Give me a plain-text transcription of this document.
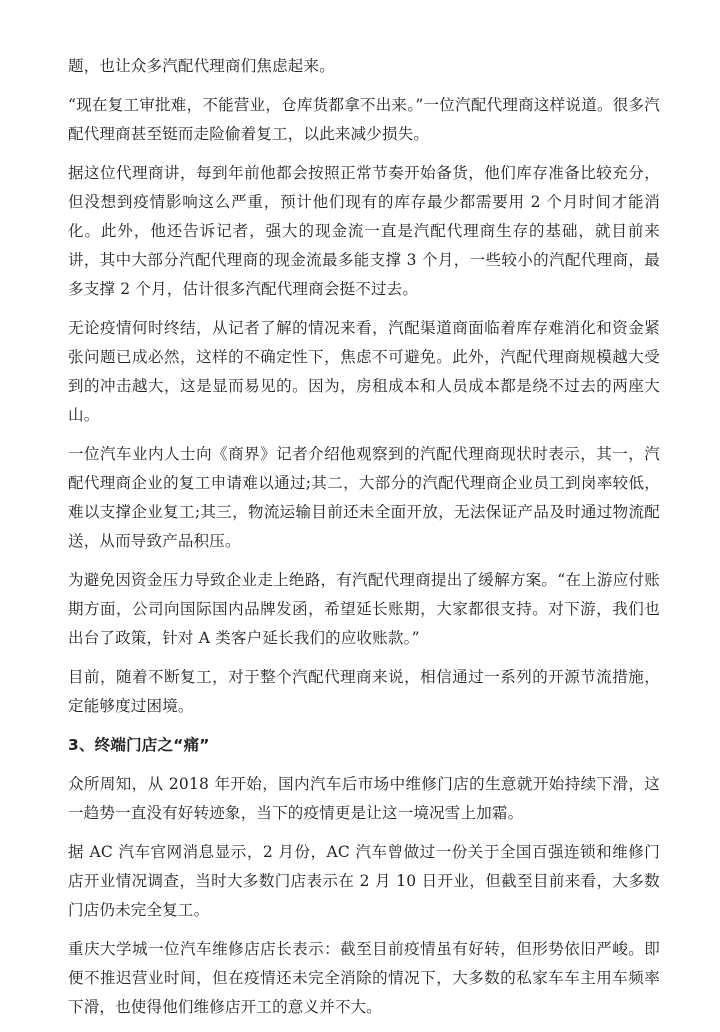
题，也让众多汽配代理商们焦虑起来。

“现在复工审批难，不能营业，仓库货都拿不出来。”一位汽配代理商这样说道。很多汽配代理商甚至铤而走险偷着复工，以此来减少损失。

据这位代理商讲，每到年前他都会按照正常节奏开始备货，他们库存准备比较充分，但没想到疫情影响这么严重，预计他们现有的库存最少都需要用 2 个月时间才能消化。此外，他还告诉记者，强大的现金流一直是汽配代理商生存的基础，就目前来讲，其中大部分汽配代理商的现金流最多能支撑 3 个月，一些较小的汽配代理商，最多支撑 2 个月，估计很多汽配代理商会挺不过去。

无论疫情何时终结，从记者了解的情况来看，汽配渠道商面临着库存难消化和资金紧张问题已成必然，这样的不确定性下，焦虑不可避免。此外，汽配代理商规模越大受到的冲击越大，这是显而易见的。因为，房租成本和人员成本都是绕不过去的两座大山。

一位汽车业内人士向《商界》记者介绍他观察到的汽配代理商现状时表示，其一，汽配代理商企业的复工申请难以通过;其二，大部分的汽配代理商企业员工到岗率较低，难以支撑企业复工;其三，物流运输目前还未全面开放，无法保证产品及时通过物流配送，从而导致产品积压。

为避免因资金压力导致企业走上绝路，有汽配代理商提出了缓解方案。“在上游应付账期方面，公司向国际国内品牌发函，希望延长账期，大家都很支持。对下游，我们也出台了政策，针对 A 类客户延长我们的应收账款。”

目前，随着不断复工，对于整个汽配代理商来说，相信通过一系列的开源节流措施，定能够度过困境。

3、终端门店之“痛”

众所周知，从 2018 年开始，国内汽车后市场中维修门店的生意就开始持续下滑，这一趋势一直没有好转迹象，当下的疫情更是让这一境况雪上加霜。

据 AC 汽车官网消息显示，2 月份，AC 汽车曾做过一份关于全国百强连锁和维修门店开业情况调查，当时大多数门店表示在 2 月 10 日开业，但截至目前来看，大多数门店仍未完全复工。

重庆大学城一位汽车维修店店长表示：截至目前疫情虽有好转，但形势依旧严峻。即便不推迟营业时间，但在疫情还未完全消除的情况下，大多数的私家车车主用车频率下滑，也使得他们维修店开工的意义并不大。
